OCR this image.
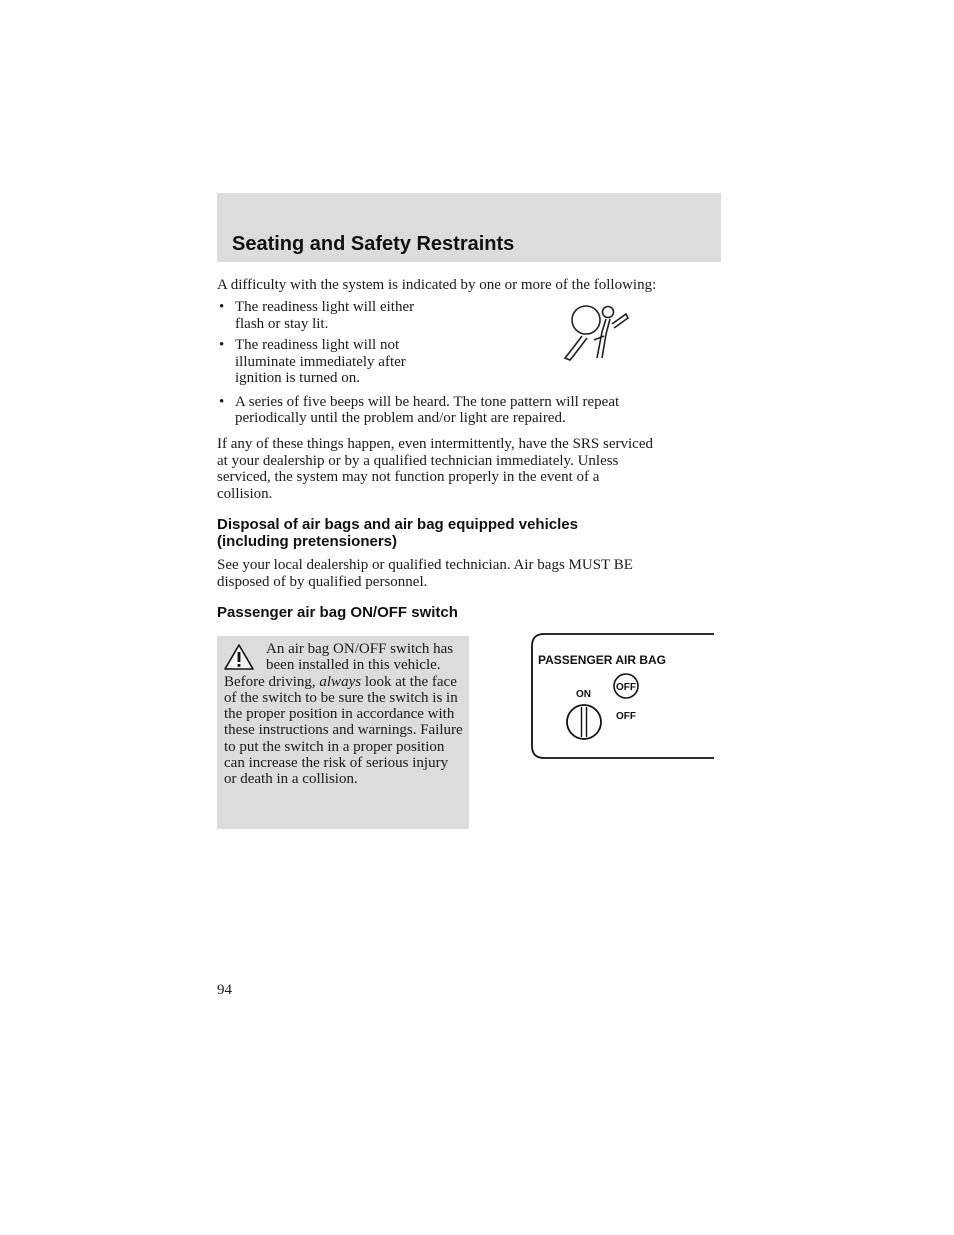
Seating and Safety Restraints

A difficulty with the system is indicated by one or more of the following:

• The readiness light will either
flash or stay lit.
• The readiness light will not
illuminate immediately after
ignition is turned on.
• A series of five beeps will be heard. The tone pattern will repeat
periodically until the problem and/or light are repaired.

If any of these things happen, even intermittently, have the SRS serviced
at your dealership or by a qualified technician immediately. Unless
serviced, the system may not function properly in the event of a
collision.

Disposal of air bags and air bag equipped vehicles
(including pretensioners)

See your local dealership or qualified technician. Air bags MUST BE
disposed of by qualified personnel.

Passenger air bag ON/OFF switch

An air bag ON/OFF switch has been installed in this vehicle. Before driving, always look at the face of the switch to be sure the switch is in the proper position in accordance with these instructions and warnings. Failure to put the switch in a proper position can increase the risk of serious injury or death in a collision.

PASSENGER AIR BAG
ON
OFF
OFF
94
